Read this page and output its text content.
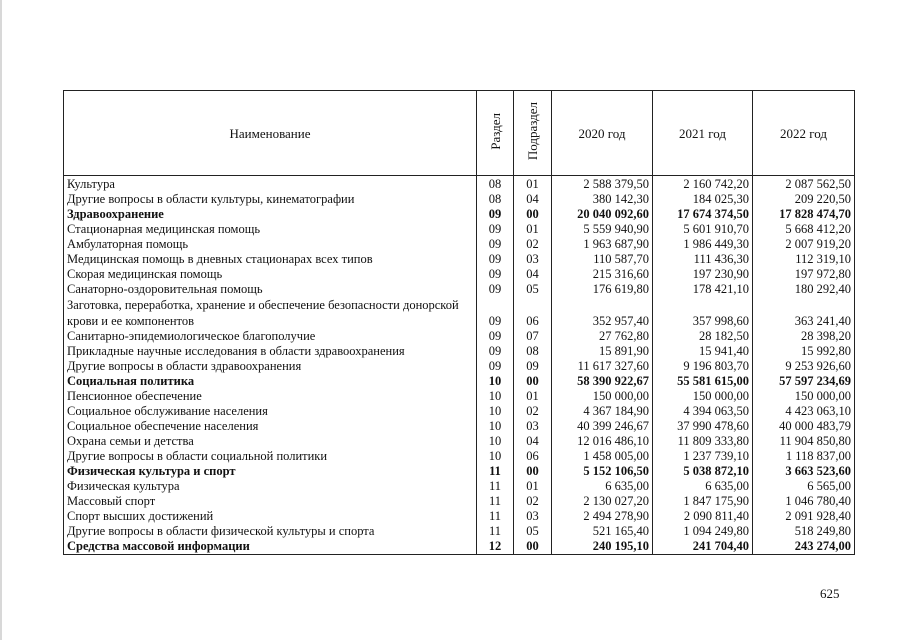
Наименование	Раздел	Подраздел	2020 год	2021 год	2022 год
Культура	08	01	2 588 379,50	2 160 742,20	2 087 562,50
Другие вопросы в области культуры, кинематографии	08	04	380 142,30	184 025,30	209 220,50
Здравоохранение	09	00	20 040 092,60	17 674 374,50	17 828 474,70
Стационарная медицинская помощь	09	01	5 559 940,90	5 601 910,70	5 668 412,20
Амбулаторная помощь	09	02	1 963 687,90	1 986 449,30	2 007 919,20
Медицинская помощь в дневных стационарах всех типов	09	03	110 587,70	111 436,30	112 319,10
Скорая медицинская помощь	09	04	215 316,60	197 230,90	197 972,80
Санаторно-оздоровительная помощь	09	05	176 619,80	178 421,10	180 292,40
Заготовка, переработка, хранение и обеспечение безопасности донорской крови и ее компонентов	09	06	352 957,40	357 998,60	363 241,40
Санитарно-эпидемиологическое благополучие	09	07	27 762,80	28 182,50	28 398,20
Прикладные научные исследования в области здравоохранения	09	08	15 891,90	15 941,40	15 992,80
Другие вопросы в области здравоохранения	09	09	11 617 327,60	9 196 803,70	9 253 926,60
Социальная политика	10	00	58 390 922,67	55 581 615,00	57 597 234,69
Пенсионное обеспечение	10	01	150 000,00	150 000,00	150 000,00
Социальное обслуживание населения	10	02	4 367 184,90	4 394 063,50	4 423 063,10
Социальное обеспечение населения	10	03	40 399 246,67	37 990 478,60	40 000 483,79
Охрана семьи и детства	10	04	12 016 486,10	11 809 333,80	11 904 850,80
Другие вопросы в области социальной политики	10	06	1 458 005,00	1 237 739,10	1 118 837,00
Физическая культура и спорт	11	00	5 152 106,50	5 038 872,10	3 663 523,60
Физическая культура	11	01	6 635,00	6 635,00	6 565,00
Массовый спорт	11	02	2 130 027,20	1 847 175,90	1 046 780,40
Спорт высших достижений	11	03	2 494 278,90	2 090 811,40	2 091 928,40
Другие вопросы в области физической культуры и спорта	11	05	521 165,40	1 094 249,80	518 249,80
Средства массовой информации	12	00	240 195,10	241 704,40	243 274,00
625
